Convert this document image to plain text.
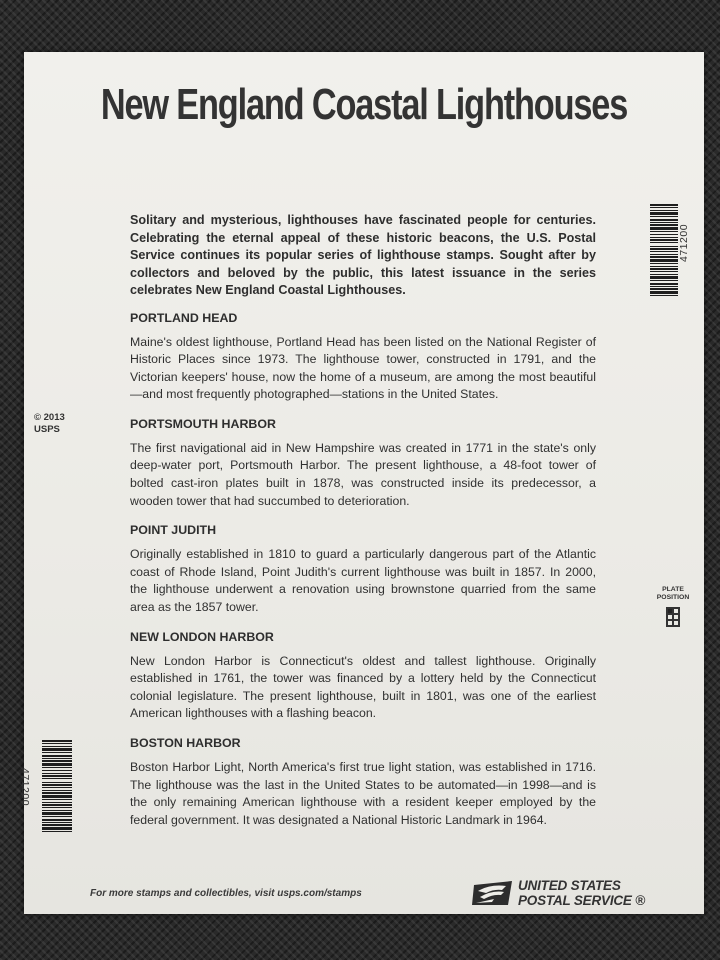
New England Coastal Lighthouses

Solitary and mysterious, lighthouses have fascinated people for centuries. Celebrating the eternal appeal of these historic beacons, the U.S. Postal Service continues its popular series of lighthouse stamps. Sought after by collectors and beloved by the public, this latest issuance in the series celebrates New England Coastal Lighthouses.

PORTLAND HEAD

Maine's oldest lighthouse, Portland Head has been listed on the National Register of Historic Places since 1973. The lighthouse tower, constructed in 1791, and the Victorian keepers' house, now the home of a museum, are among the most beautiful—and most frequently photographed—stations in the United States.

PORTSMOUTH HARBOR

The first navigational aid in New Hampshire was created in 1771 in the state's only deep-water port, Portsmouth Harbor. The present lighthouse, a 48-foot tower of bolted cast-iron plates built in 1878, was constructed inside its predecessor, a wooden tower that had succumbed to deterioration.

POINT JUDITH

Originally established in 1810 to guard a particularly dangerous part of the Atlantic coast of Rhode Island, Point Judith's current lighthouse was built in 1857. In 2000, the lighthouse underwent a renovation using brownstone quarried from the same area as the 1857 tower.

NEW LONDON HARBOR

New London Harbor is Connecticut's oldest and tallest lighthouse. Originally established in 1761, the tower was financed by a lottery held by the Connecticut colonial legislature. The present lighthouse, built in 1801, was one of the earliest American lighthouses with a flashing beacon.

BOSTON HARBOR

Boston Harbor Light, North America's first true light station, was established in 1716. The lighthouse was the last in the United States to be automated—in 1998—and is the only remaining American lighthouse with a resident keeper employed by the federal government. It was designated a National Historic Landmark in 1964.

© 2013
USPS
471200
471200
PLATE
POSITION
For more stamps and collectibles, visit usps.com/stamps
UNITED STATES
POSTAL SERVICE ®
